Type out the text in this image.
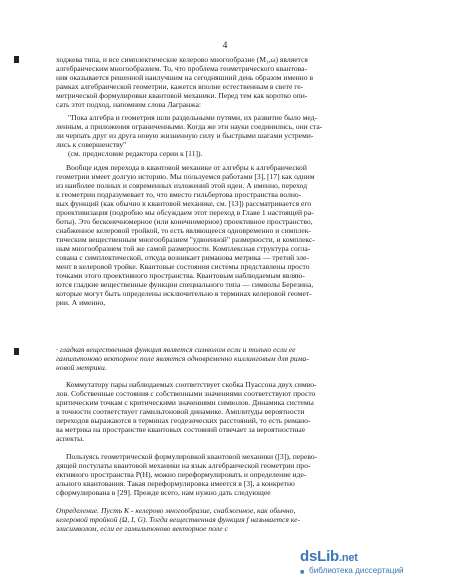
4
ходжева типа, и все симплектические келерово многообразие (M₁,ω) является
алгебраическим многообразием. То, что проблема геометрического квантова-
ния оказывается решенной наилучшим на сегодняшний день образом именно в
рамках алгебраической геометрии, кажется вполне естественным в свете ге-
метрической формулировки квантовой механики. Перед тем как коротко опи-
сать этот подход, напомним слова Лагранжа:
"Пока алгебра и геометрия шли раздельными путями, их развитие было мед-
ленным, а приложения ограниченными. Когда же эти науки соединились, они ста-
ли черпать друг из друга новую жизненную силу и быстрыми шагами устреми-
лись к совершенству"
(см. предисловие редактора серии к [11]).
Вообще идея перехода в квантовой механике от алгебры к алгебраической
геометрии имеет долгую историю. Мы пользуемся работами [3], [17] как одним
из наиболее полных и современных изложений этой идеи. А именно, переход
к геометрии подразумевает то, что вместо гильбертова пространства волно-
вых функций (как обычно в квантовой механике, см. [13]) рассматривается его
проективизация (подробно мы обсуждаем этот переход в Главе 1 настоящей ра-
боты). Это бесконечномерное (или конечномерное) проективное пространство,
снабженное келеровой тройкой, то есть являющееся одновременно и симплек-
тическим вещественным многообразием "удвоенной" размерности, и комплекс-
ным многообразием той же самой размерности. Комплексная структура согла-
сована с симплектической, откуда возникает риманова метрика — третий эле-
мент в келеровой тройке. Квантовые состояния системы представлены просто
точками этого проективного пространства. Квантовым наблюдаемым являю-
ются гладкие вещественные функции специального типа — символы Березина,
которые могут быть определены исключительно в терминах келеровой геомет-
рии. А именно,
· гладкая вещественная функция является символом если и только если ее
гамильтоново векторное поле является одновременно киллинговым для рима-
новой метрики.
Коммутатору пары наблюдаемых соответствует скобка Пуассона двух симво-
лов. Собственные состояния с собственными значениями соответствуют просто
критическим точкам с критическими значениями символов. Динамика системы
в точности соответствует гамильтоновой динамике. Амплитуды вероятности
переходов выражаются в терминах геодезических расстояний, то есть римано-
ва метрика на пространстве квантовых состояний отвечает за вероятностные
аспекты.
Пользуясь геометрической формулировкой квантовой механики ([3]), перево-
дящей постулаты квантовой механики на язык алгебраической геометрии про-
ективного пространства P(H), можно переформулировать и определение иде-
ального квантования. Такая переформулировка имеется в [3], а конкретно
сформулирована в [29]. Прежде всего, нам нужно дать следующее
Определение. Пусть K - келерово многообразие, снабженное, как обычно,
келеровой тройкой (Ω, I, G). Тогда вещественная функция f называется ке-
злисимволом, если ее гамильтоново векторное поле с
dsLib.net
■ библиотека диссертаций
